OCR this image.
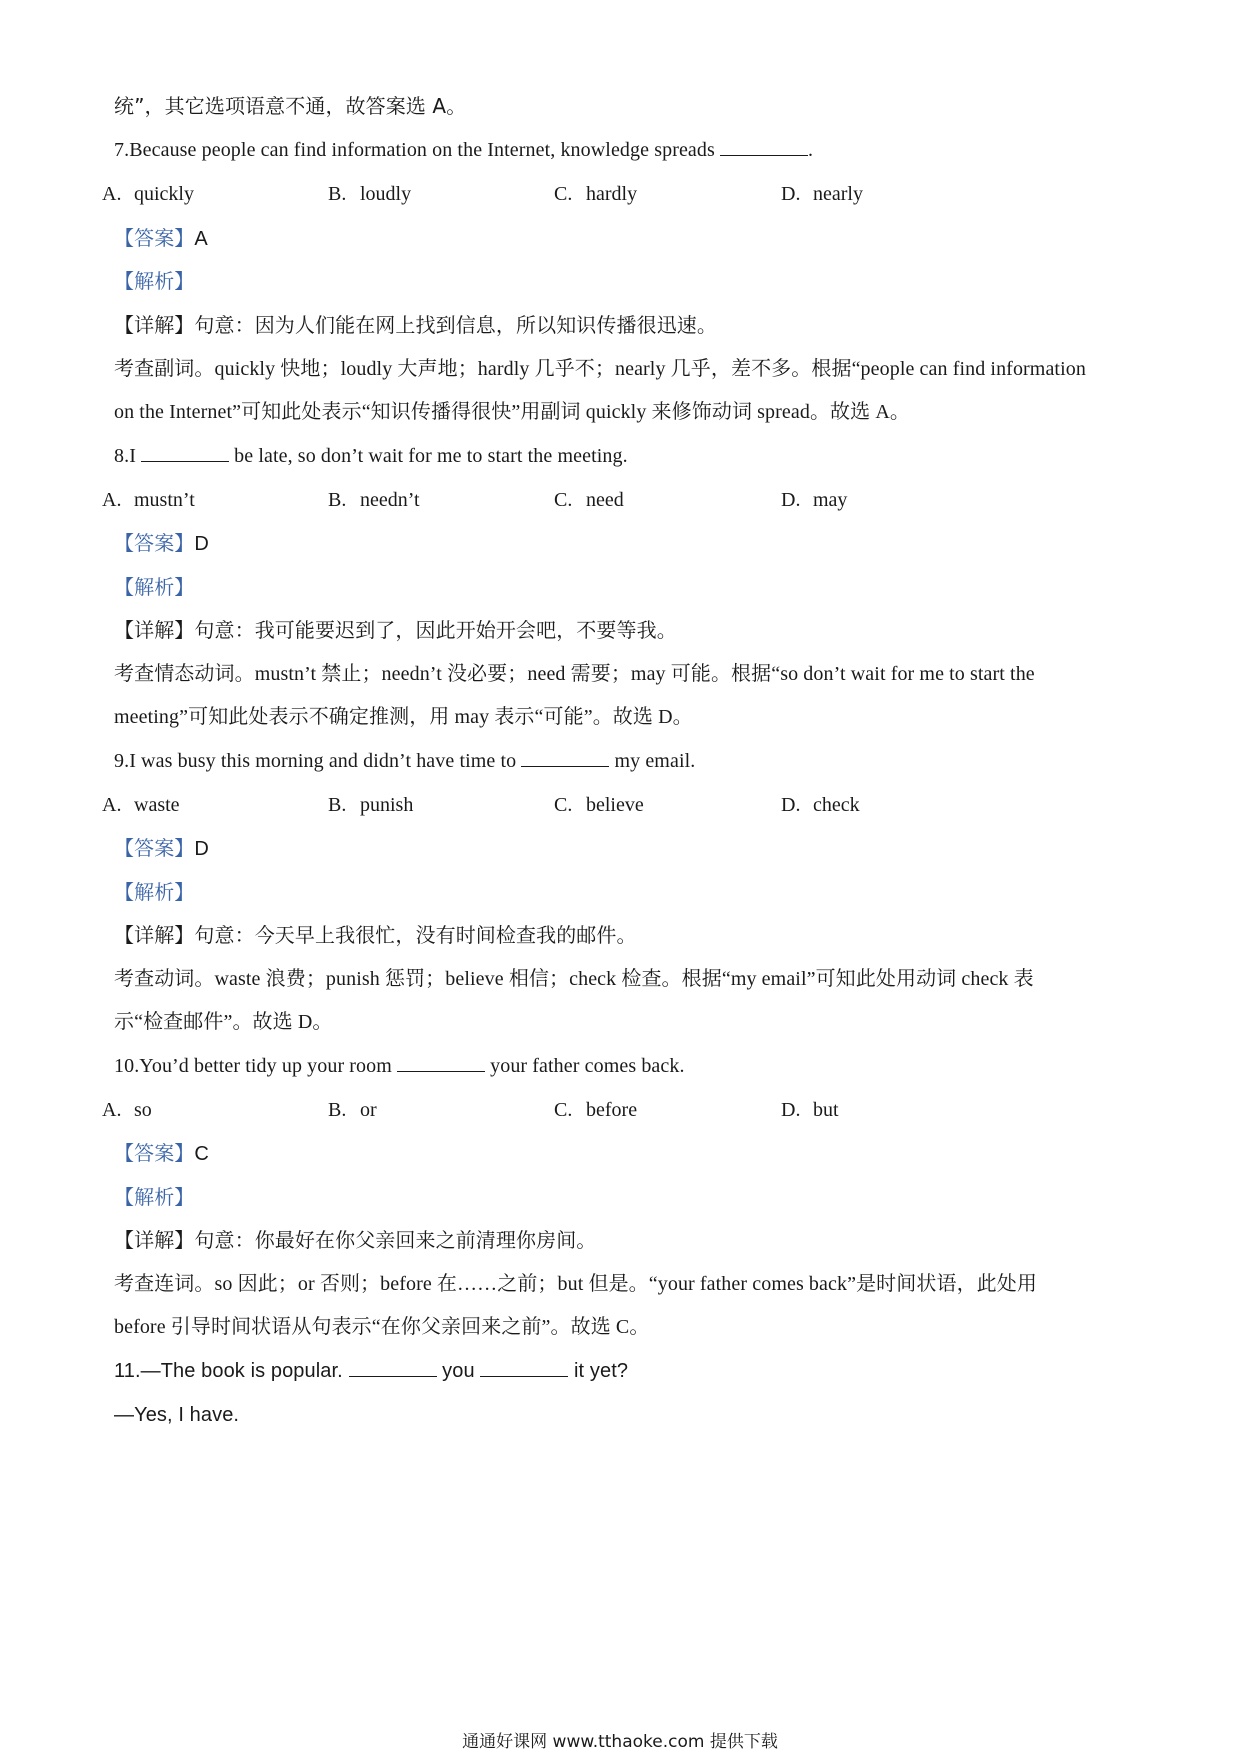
统”，其它选项语意不通，故答案选 A。
7.Because people can find information on the Internet, knowledge spreads	.
A. quickly	B. loudly	C. hardly	D. nearly
【答案】A
【解析】
【详解】句意：因为人们能在网上找到信息，所以知识传播很迅速。
考查副词。quickly 快地；loudly 大声地；hardly 几乎不；nearly 几乎，差不多。根据“people can find information
on the Internet”可知此处表示“知识传播得很快”用副词 quickly 来修饰动词 spread。故选 A。
8.I	be late, so don’t wait for me to start the meeting.
A. mustn’t	B. needn’t	C. need	D. may
【答案】D
【解析】
【详解】句意：我可能要迟到了，因此开始开会吧，不要等我。
考查情态动词。mustn’t 禁止；needn’t 没必要；need 需要；may 可能。根据“so don’t wait for me to start the
meeting”可知此处表示不确定推测，用 may 表示“可能”。故选 D。
9.I was busy this morning and didn’t have time to	my email.
A. waste	B. punish	C. believe	D. check
【答案】D
【解析】
【详解】句意：今天早上我很忙，没有时间检查我的邮件。
考查动词。waste 浪费；punish 惩罚；believe 相信；check 检查。根据“my email”可知此处用动词 check 表
示“检查邮件”。故选 D。
10.You’d better tidy up your room	your father comes back.
A. so	B. or	C. before	D. but
【答案】C
【解析】
【详解】句意：你最好在你父亲回来之前清理你房间。
考查连词。so 因此；or 否则；before 在……之前；but 但是。“your father comes back”是时间状语，此处用
before 引导时间状语从句表示“在你父亲回来之前”。故选 C。
11.—The book is popular.	you	it yet?
—Yes, I have.
通通好课网 www.tthaoke.com 提供下载
